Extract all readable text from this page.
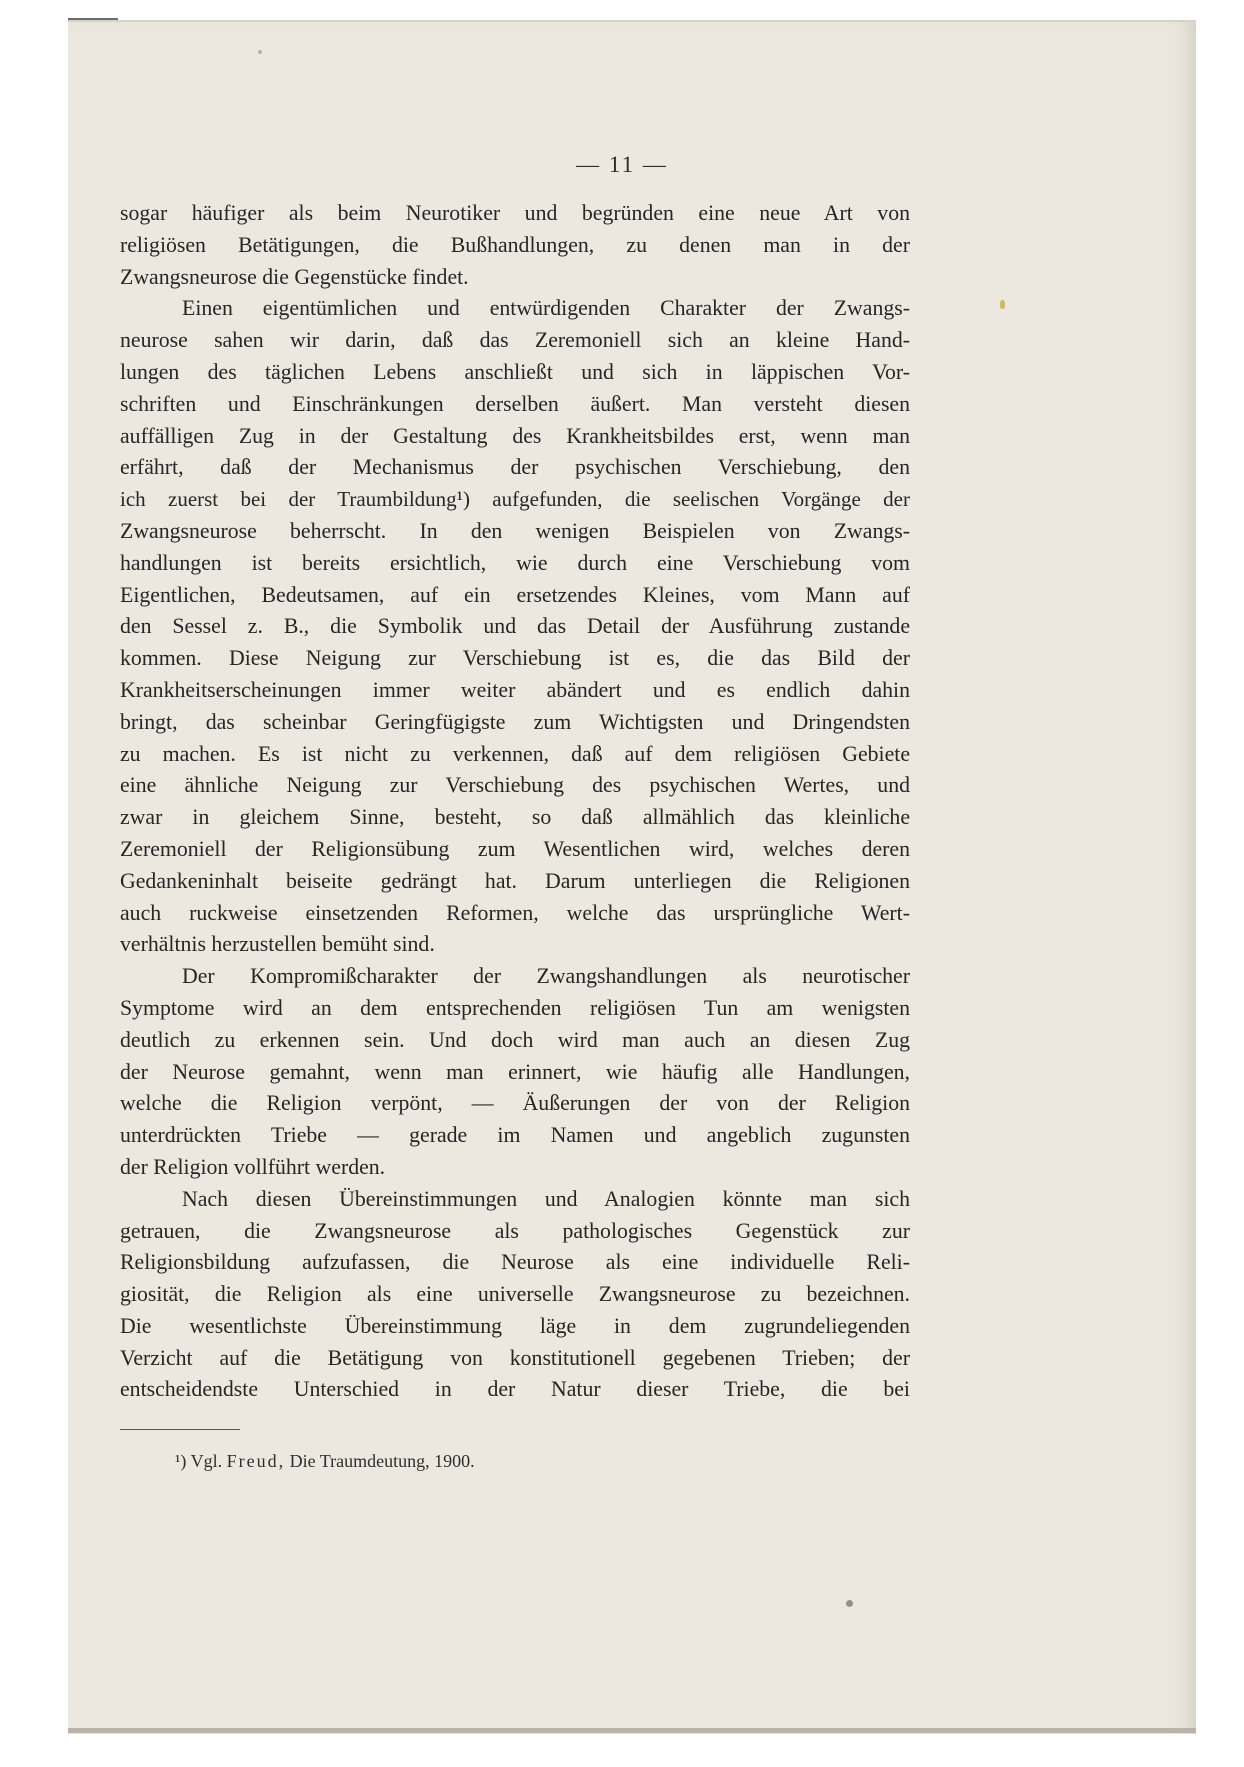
— 11 —
sogar häufiger als beim Neurotiker und begründen eine neue Art von
religiösen Betätigungen, die Bußhandlungen, zu denen man in der
Zwangsneurose die Gegenstücke findet.
Einen eigentümlichen und entwürdigenden Charakter der Zwangs-
neurose sahen wir darin, daß das Zeremoniell sich an kleine Hand-
lungen des täglichen Lebens anschließt und sich in läppischen Vor-
schriften und Einschränkungen derselben äußert. Man versteht diesen
auffälligen Zug in der Gestaltung des Krankheitsbildes erst, wenn man
erfährt, daß der Mechanismus der psychischen Verschiebung, den
ich zuerst bei der Traumbildung¹) aufgefunden, die seelischen Vorgänge der
Zwangsneurose beherrscht. In den wenigen Beispielen von Zwangs-
handlungen ist bereits ersichtlich, wie durch eine Verschiebung vom
Eigentlichen, Bedeutsamen, auf ein ersetzendes Kleines, vom Mann auf
den Sessel z. B., die Symbolik und das Detail der Ausführung zustande
kommen. Diese Neigung zur Verschiebung ist es, die das Bild der
Krankheitserscheinungen immer weiter abändert und es endlich dahin
bringt, das scheinbar Geringfügigste zum Wichtigsten und Dringendsten
zu machen. Es ist nicht zu verkennen, daß auf dem religiösen Gebiete
eine ähnliche Neigung zur Verschiebung des psychischen Wertes, und
zwar in gleichem Sinne, besteht, so daß allmählich das kleinliche
Zeremoniell der Religionsübung zum Wesentlichen wird, welches deren
Gedankeninhalt beiseite gedrängt hat. Darum unterliegen die Religionen
auch ruckweise einsetzenden Reformen, welche das ursprüngliche Wert-
verhältnis herzustellen bemüht sind.
Der Kompromißcharakter der Zwangshandlungen als neurotischer
Symptome wird an dem entsprechenden religiösen Tun am wenigsten
deutlich zu erkennen sein. Und doch wird man auch an diesen Zug
der Neurose gemahnt, wenn man erinnert, wie häufig alle Handlungen,
welche die Religion verpönt, — Äußerungen der von der Religion
unterdrückten Triebe — gerade im Namen und angeblich zugunsten
der Religion vollführt werden.
Nach diesen Übereinstimmungen und Analogien könnte man sich
getrauen, die Zwangsneurose als pathologisches Gegenstück zur
Religionsbildung aufzufassen, die Neurose als eine individuelle Reli-
giosität, die Religion als eine universelle Zwangsneurose zu bezeichnen.
Die wesentlichste Übereinstimmung läge in dem zugrundeliegenden
Verzicht auf die Betätigung von konstitutionell gegebenen Trieben; der
entscheidendste Unterschied in der Natur dieser Triebe, die bei
¹) Vgl. Freud, Die Traumdeutung, 1900.
